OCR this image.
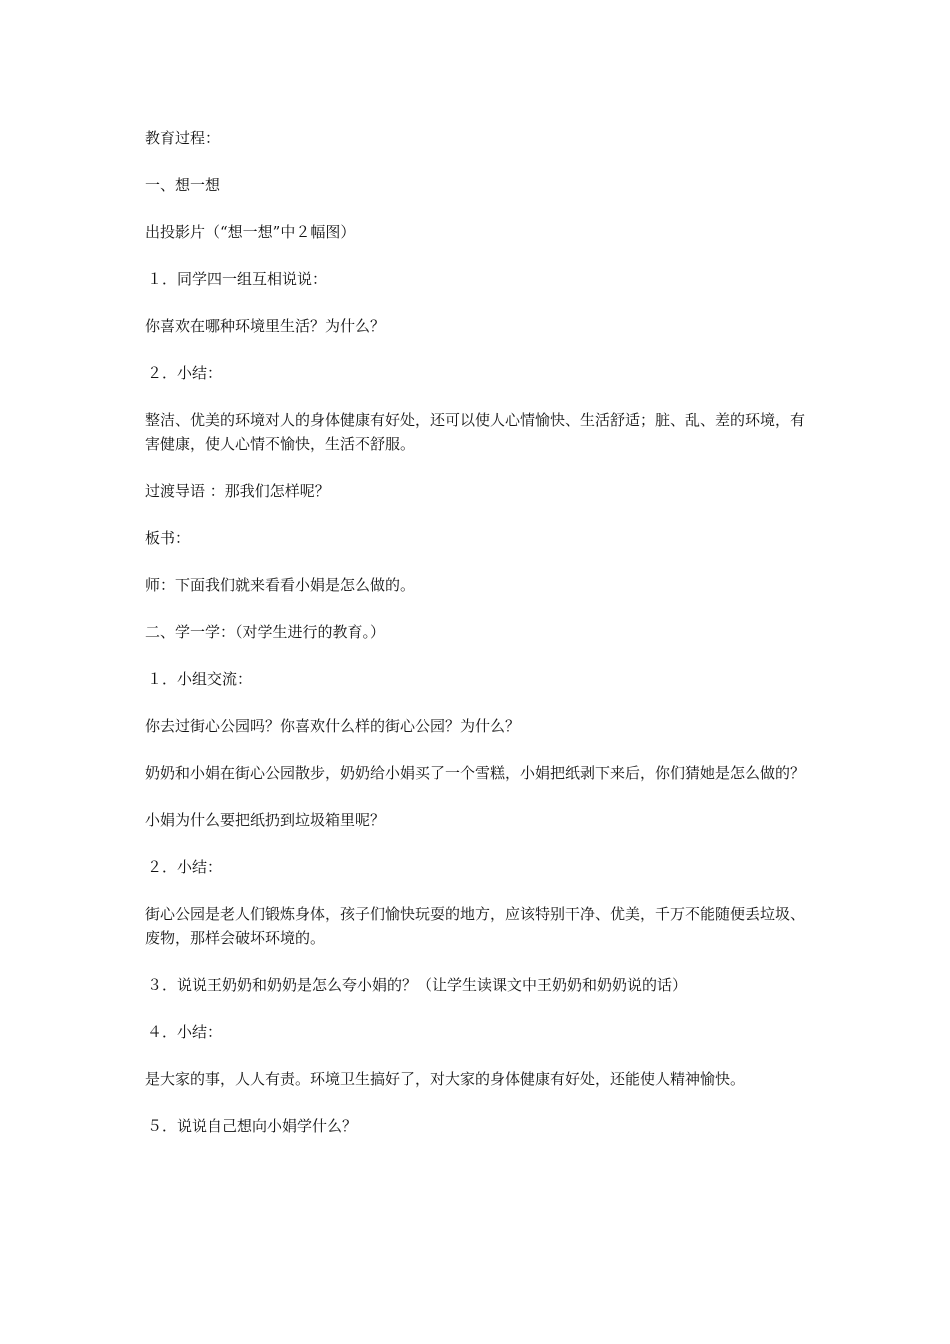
教育过程：

一、想一想

出投影片（“想一想”中２幅图）

１．同学四一组互相说说：

你喜欢在哪种环境里生活？为什么？

２．小结：

整洁、优美的环境对人的身体健康有好处，还可以使人心情愉快、生活舒适；脏、乱、差的环境，有害健康，使人心情不愉快，生活不舒服。

过渡导语 ：那我们怎样呢？

板书：

师：下面我们就来看看小娟是怎么做的。

二、学一学：（对学生进行的教育。）

１．小组交流：

你去过街心公园吗？你喜欢什么样的街心公园？为什么？

奶奶和小娟在街心公园散步，奶奶给小娟买了一个雪糕，小娟把纸剥下来后，你们猜她是怎么做的？

小娟为什么要把纸扔到垃圾箱里呢？

２．小结：

街心公园是老人们锻炼身体，孩子们愉快玩耍的地方，应该特别干净、优美，千万不能随便丢垃圾、废物，那样会破坏环境的。

３．说说王奶奶和奶奶是怎么夸小娟的？（让学生读课文中王奶奶和奶奶说的话）

４．小结：

是大家的事，人人有责。环境卫生搞好了，对大家的身体健康有好处，还能使人精神愉快。

５．说说自己想向小娟学什么？
